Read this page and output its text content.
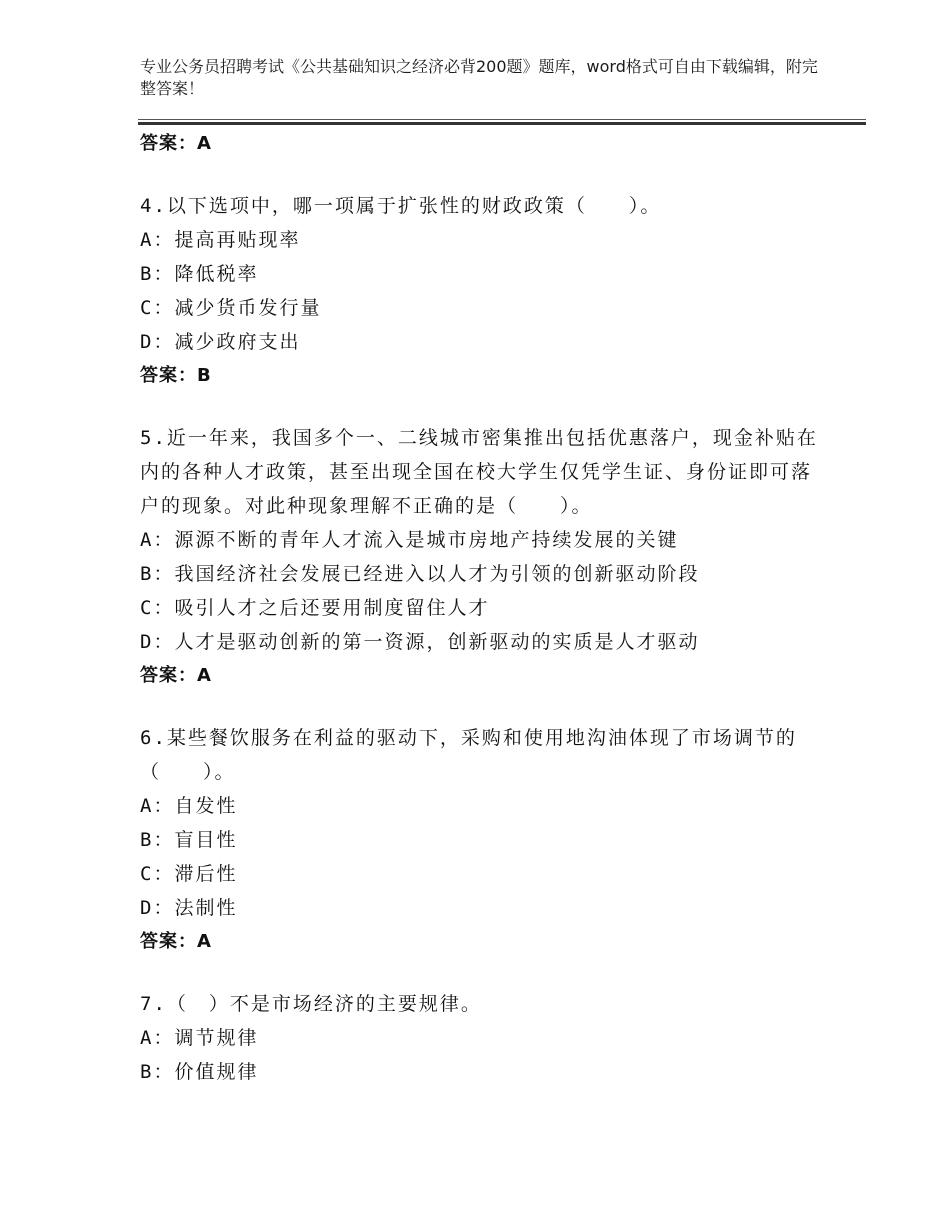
专业公务员招聘考试《公共基础知识之经济必背200题》题库，word格式可自由下载编辑，附完整答案！
答案：A
4.以下选项中，哪一项属于扩张性的财政政策（　　）。
A：提高再贴现率
B：降低税率
C：减少货币发行量
D：减少政府支出
答案：B
5.近一年来，我国多个一、二线城市密集推出包括优惠落户，现金补贴在内的各种人才政策，甚至出现全国在校大学生仅凭学生证、身份证即可落户的现象。对此种现象理解不正确的是（　　）。
A：源源不断的青年人才流入是城市房地产持续发展的关键
B：我国经济社会发展已经进入以人才为引领的创新驱动阶段
C：吸引人才之后还要用制度留住人才
D：人才是驱动创新的第一资源，创新驱动的实质是人才驱动
答案：A
6.某些餐饮服务在利益的驱动下，采购和使用地沟油体现了市场调节的（　　）。
A：自发性
B：盲目性
C：滞后性
D：法制性
答案：A
7.（　）不是市场经济的主要规律。
A：调节规律
B：价值规律
